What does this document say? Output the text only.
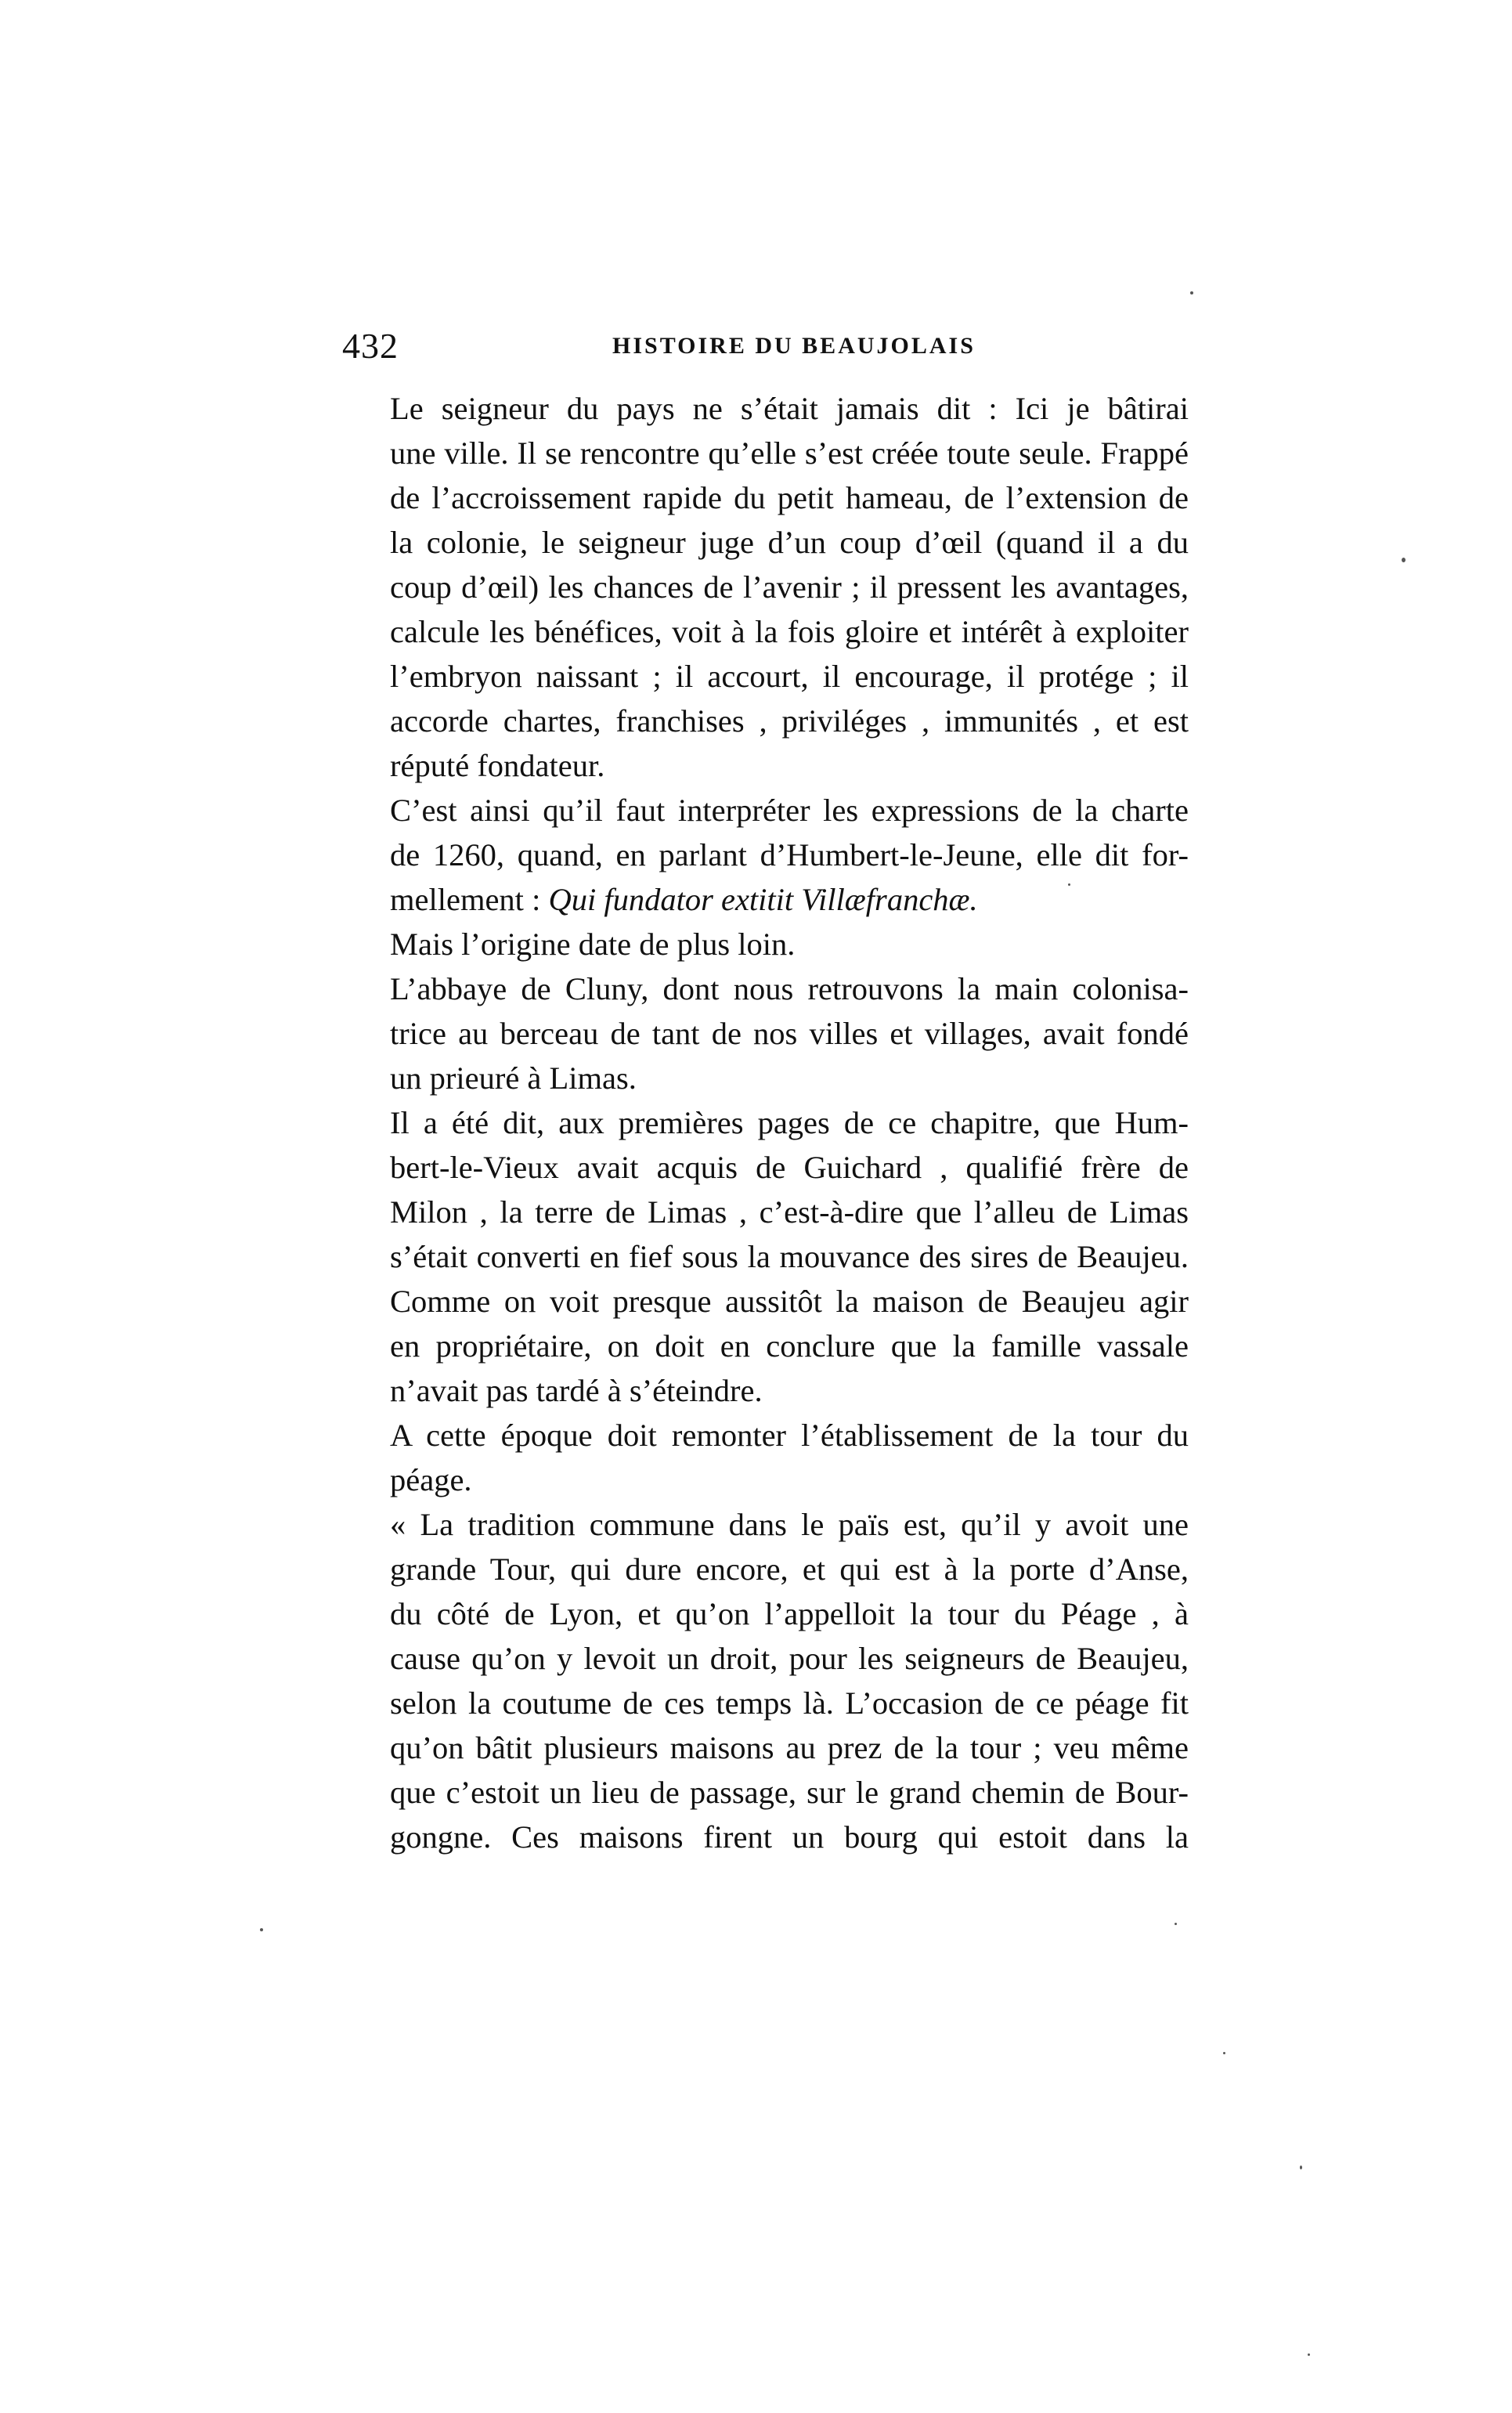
432	HISTOIRE DU BEAUJOLAIS

Le seigneur du pays ne s’était jamais dit : Ici je bâtirai
une ville. Il se rencontre qu’elle s’est créée toute seule. Frappé
de l’accroissement rapide du petit hameau, de l’extension de
la colonie, le seigneur juge d’un coup d’œil (quand il a du
coup d’œil) les chances de l’avenir ; il pressent les avantages,
calcule les bénéfices, voit à la fois gloire et intérêt à exploiter
l’embryon naissant ; il accourt, il encourage, il protége ; il
accorde chartes, franchises , priviléges , immunités , et est
réputé fondateur.

C’est ainsi qu’il faut interpréter les expressions de la charte
de 1260, quand, en parlant d’Humbert-le-Jeune, elle dit for-
mellement : Qui fundator extitit Villæfranchæ.

Mais l’origine date de plus loin.

L’abbaye de Cluny, dont nous retrouvons la main colonisa-
trice au berceau de tant de nos villes et villages, avait fondé
un prieuré à Limas.

Il a été dit, aux premières pages de ce chapitre, que Hum-
bert-le-Vieux avait acquis de Guichard , qualifié frère de
Milon , la terre de Limas , c’est-à-dire que l’alleu de Limas
s’était converti en fief sous la mouvance des sires de Beaujeu.
Comme on voit presque aussitôt la maison de Beaujeu agir
en propriétaire, on doit en conclure que la famille vassale
n’avait pas tardé à s’éteindre.

A cette époque doit remonter l’établissement de la tour du
péage.

« La tradition commune dans le païs est, qu’il y avoit une
grande Tour, qui dure encore, et qui est à la porte d’Anse,
du côté de Lyon, et qu’on l’appelloit la tour du Péage , à
cause qu’on y levoit un droit, pour les seigneurs de Beaujeu,
selon la coutume de ces temps là. L’occasion de ce péage fit
qu’on bâtit plusieurs maisons au prez de la tour ; veu même
que c’estoit un lieu de passage, sur le grand chemin de Bour-
gongne. Ces maisons firent un bourg qui estoit dans la
